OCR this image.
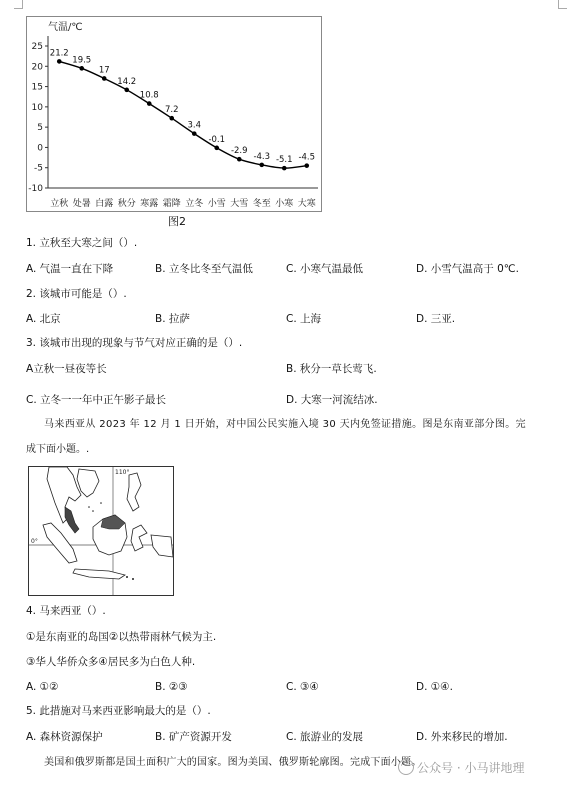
气温/℃
25
20
15
10
5
0
-5
-10
立秋 处暑 白露 秋分 寒露 霜降 立冬 小雪 大雪 冬至 小寒 大寒
21.2
19.5
17
14.2
10.8
7.2
3.4
-0.1
-2.9
-4.3 -5.1 -4.5
图2
1. 立秋至大寒之间（）.
A. 气温一直在下降	B. 立冬比冬至气温低	C. 小寒气温最低	D. 小雪气温高于 0℃.
2. 该城市可能是（）.
A. 北京	B. 拉萨	C. 上海	D. 三亚.
3. 该城市出现的现象与节气对应正确的是（）.
A立秋一昼夜等长	B. 秋分一草长莺飞.
C. 立冬一一年中正午影子最长	D. 大寒一河流结冰.
马来西亚从 2023 年 12 月 1 日开始，对中国公民实施入境 30 天内免签证措施。图是东南亚部分图。完
成下面小题。.
110°
0°
4. 马来西亚（）.
①是东南亚的岛国②以热带雨林气候为主.
③华人华侨众多④居民多为白色人种.
A. ①②	B. ②③	C. ③④	D. ①④.
5. 此措施对马来西亚影响最大的是（）.
A. 森林资源保护	B. 矿产资源开发	C. 旅游业的发展	D. 外来移民的增加.
美国和俄罗斯都是国土面积广大的国家。图为美国、俄罗斯轮廓图。完成下面小题。
公众号 · 小马讲地理
